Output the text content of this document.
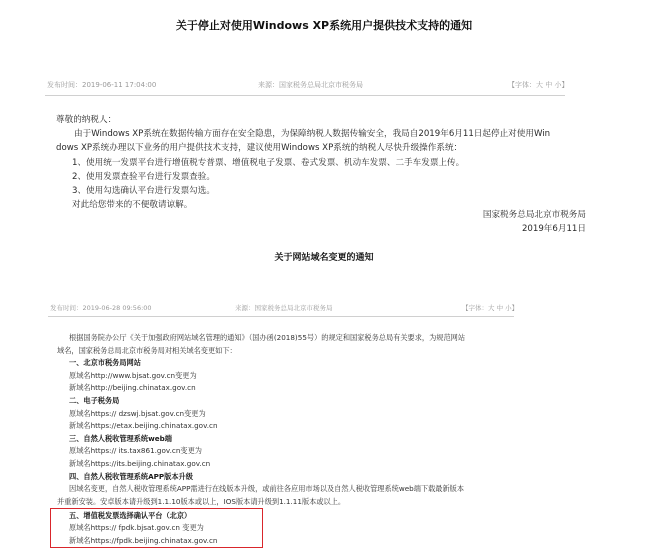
关于停止对使用Windows XP系统用户提供技术支持的通知
发布时间：2019-06-11 17:04:00	来源：国家税务总局北京市税务局	【字体：大 中 小】
尊敬的纳税人：
由于Windows XP系统在数据传输方面存在安全隐患，为保障纳税人数据传输安全，我局自2019年6月11日起停止对使用Win
dows XP系统办理以下业务的用户提供技术支持，建议使用Windows XP系统的纳税人尽快升级操作系统：
1、使用统一发票平台进行增值税专普票、增值税电子发票、卷式发票、机动车发票、二手车发票上传。
2、使用发票查验平台进行发票查验。
3、使用勾选确认平台进行发票勾选。
对此给您带来的不便敬请谅解。
国家税务总局北京市税务局
2019年6月11日
关于网站域名变更的通知
发布时间：2019-06-28 09:56:00	来源：国家税务总局北京市税务局	【字体：大 中 小】
根据国务院办公厅《关于加强政府网站域名管理的通知》（国办函(2018)55号）的规定和国家税务总局有关要求，为规范网站
域名，国家税务总局北京市税务局对相关域名变更如下：
一、北京市税务局网站
原域名http://www.bjsat.gov.cn变更为
新域名http://beijing.chinatax.gov.cn
二、电子税务局
原域名https:// dzswj.bjsat.gov.cn变更为
新域名https://etax.beijing.chinatax.gov.cn
三、自然人税收管理系统web端
原域名https:// its.tax861.gov.cn变更为
新域名https://its.beijing.chinatax.gov.cn
四、自然人税收管理系统APP版本升级
因域名变更，自然人税收管理系统APP需进行在线版本升级，或前往各应用市场以及自然人税收管理系统web端下载最新版本
并重新安装。安卓版本请升级到1.1.10版本或以上，IOS版本请升级到1.1.11版本或以上。
五、增值税发票选择确认平台（北京）
原域名https:// fpdk.bjsat.gov.cn 变更为
新域名https://fpdk.beijing.chinatax.gov.cn
